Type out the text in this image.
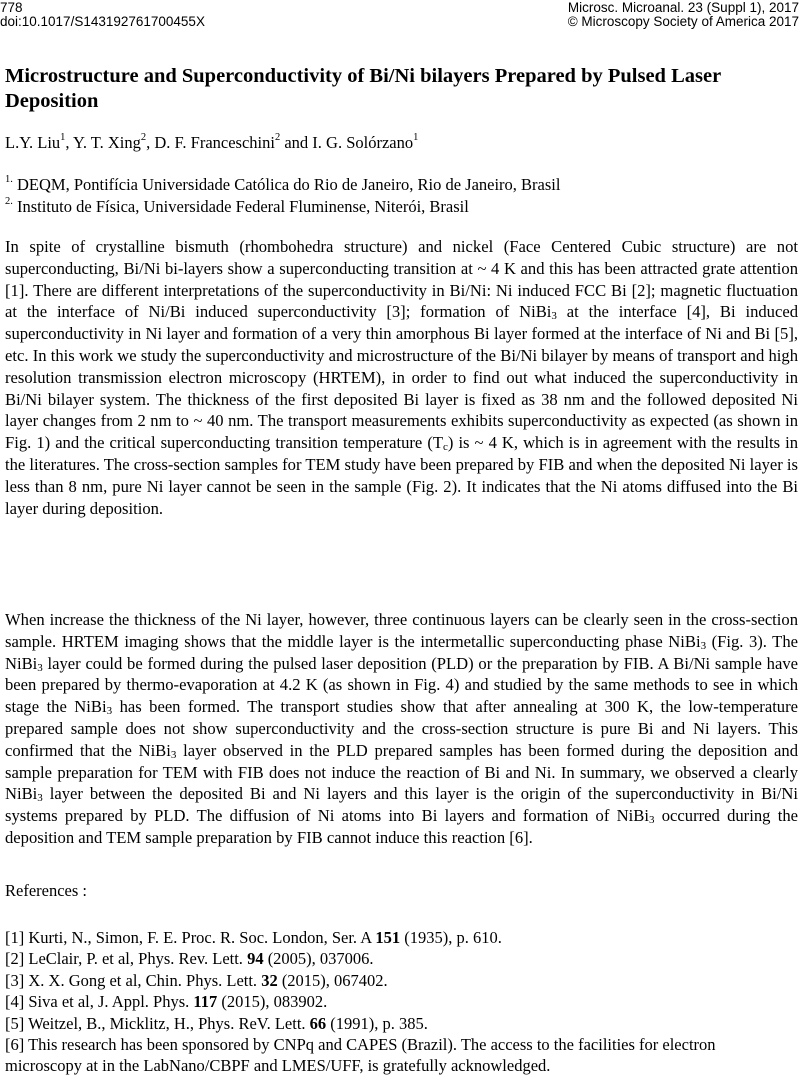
778
doi:10.1017/S143192761700455X
Microsc. Microanal. 23 (Suppl 1), 2017
© Microscopy Society of America 2017
Microstructure and Superconductivity of Bi/Ni bilayers Prepared by Pulsed Laser Deposition
L.Y. Liu$^1$, Y. T. Xing$^2$, D. F. Franceschini$^2$ and I. G. Solórzano$^1$
$^{1.}$ DEQM, Pontifícia Universidade Católica do Rio de Janeiro, Rio de Janeiro, Brasil
$^{2.}$ Instituto de Física, Universidade Federal Fluminense, Niterói, Brasil

In spite of crystalline bismuth (rhombohedra structure) and nickel (Face Centered Cubic structure) are not superconducting, Bi/Ni bi-layers show a superconducting transition at ~ 4 K and this has been attracted grate attention [1]. There are different interpretations of the superconductivity in Bi/Ni: Ni induced FCC Bi [2]; magnetic fluctuation at the interface of Ni/Bi induced superconductivity [3]; formation of NiBi3 at the interface [4], Bi induced superconductivity in Ni layer and formation of a very thin amorphous Bi layer formed at the interface of Ni and Bi [5], etc. In this work we study the superconductivity and microstructure of the Bi/Ni bilayer by means of transport and high resolution transmission electron microscopy (HRTEM), in order to find out what induced the superconductivity in Bi/Ni bilayer system. The thickness of the first deposited Bi layer is fixed as 38 nm and the followed deposited Ni layer changes from 2 nm to ~ 40 nm. The transport measurements exhibits superconductivity as expected (as shown in Fig. 1) and the critical superconducting transition temperature (Tc) is ~ 4 K, which is in agreement with the results in the literatures. The cross-section samples for TEM study have been prepared by FIB and when the deposited Ni layer is less than 8 nm, pure Ni layer cannot be seen in the sample (Fig. 2). It indicates that the Ni atoms diffused into the Bi layer during deposition.

When increase the thickness of the Ni layer, however, three continuous layers can be clearly seen in the cross-section sample. HRTEM imaging shows that the middle layer is the intermetallic superconducting phase NiBi3 (Fig. 3). The NiBi3 layer could be formed during the pulsed laser deposition (PLD) or the preparation by FIB. A Bi/Ni sample have been prepared by thermo-evaporation at 4.2 K (as shown in Fig. 4) and studied by the same methods to see in which stage the NiBi3 has been formed. The transport studies show that after annealing at 300 K, the low-temperature prepared sample does not show superconductivity and the cross-section structure is pure Bi and Ni layers. This confirmed that the NiBi3 layer observed in the PLD prepared samples has been formed during the deposition and sample preparation for TEM with FIB does not induce the reaction of Bi and Ni. In summary, we observed a clearly NiBi3 layer between the deposited Bi and Ni layers and this layer is the origin of the superconductivity in Bi/Ni systems prepared by PLD. The diffusion of Ni atoms into Bi layers and formation of NiBi3 occurred during the deposition and TEM sample preparation by FIB cannot induce this reaction [6].

References :
[1] Kurti, N., Simon, F. E. Proc. R. Soc. London, Ser. A 151 (1935), p. 610.
[2] LeClair, P. et al, Phys. Rev. Lett. 94 (2005), 037006.
[3] X. X. Gong et al, Chin. Phys. Lett. 32 (2015), 067402.
[4] Siva et al, J. Appl. Phys. 117 (2015), 083902.
[5] Weitzel, B., Micklitz, H., Phys. ReV. Lett. 66 (1991), p. 385.
[6] This research has been sponsored by CNPq and CAPES (Brazil). The access to the facilities for electron microscopy at in the LabNano/CBPF and LMES/UFF, is gratefully acknowledged.
